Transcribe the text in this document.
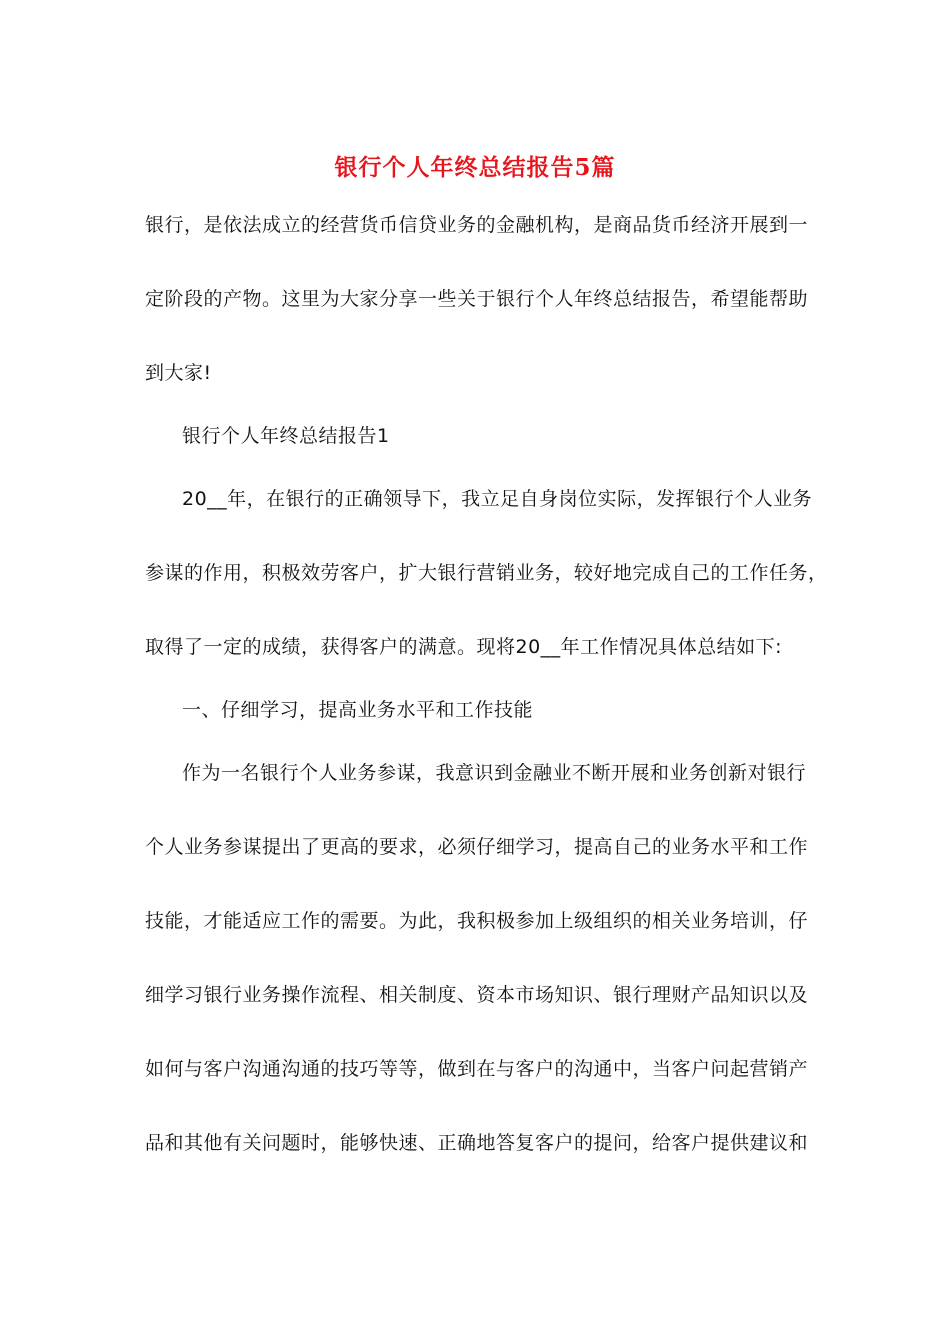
银行个人年终总结报告5篇
银行，是依法成立的经营货币信贷业务的金融机构，是商品货币经济开展到一
定阶段的产物。这里为大家分享一些关于银行个人年终总结报告，希望能帮助
到大家!
银行个人年终总结报告1
20__年，在银行的正确领导下，我立足自身岗位实际，发挥银行个人业务
参谋的作用，积极效劳客户，扩大银行营销业务，较好地完成自己的工作任务，
取得了一定的成绩，获得客户的满意。现将20__年工作情况具体总结如下:
一、仔细学习，提高业务水平和工作技能
作为一名银行个人业务参谋，我意识到金融业不断开展和业务创新对银行
个人业务参谋提出了更高的要求，必须仔细学习，提高自己的业务水平和工作
技能，才能适应工作的需要。为此，我积极参加上级组织的相关业务培训，仔
细学习银行业务操作流程、相关制度、资本市场知识、银行理财产品知识以及
如何与客户沟通沟通的技巧等等，做到在与客户的沟通中，当客户问起营销产
品和其他有关问题时，能够快速、正确地答复客户的提问，给客户提供建议和
